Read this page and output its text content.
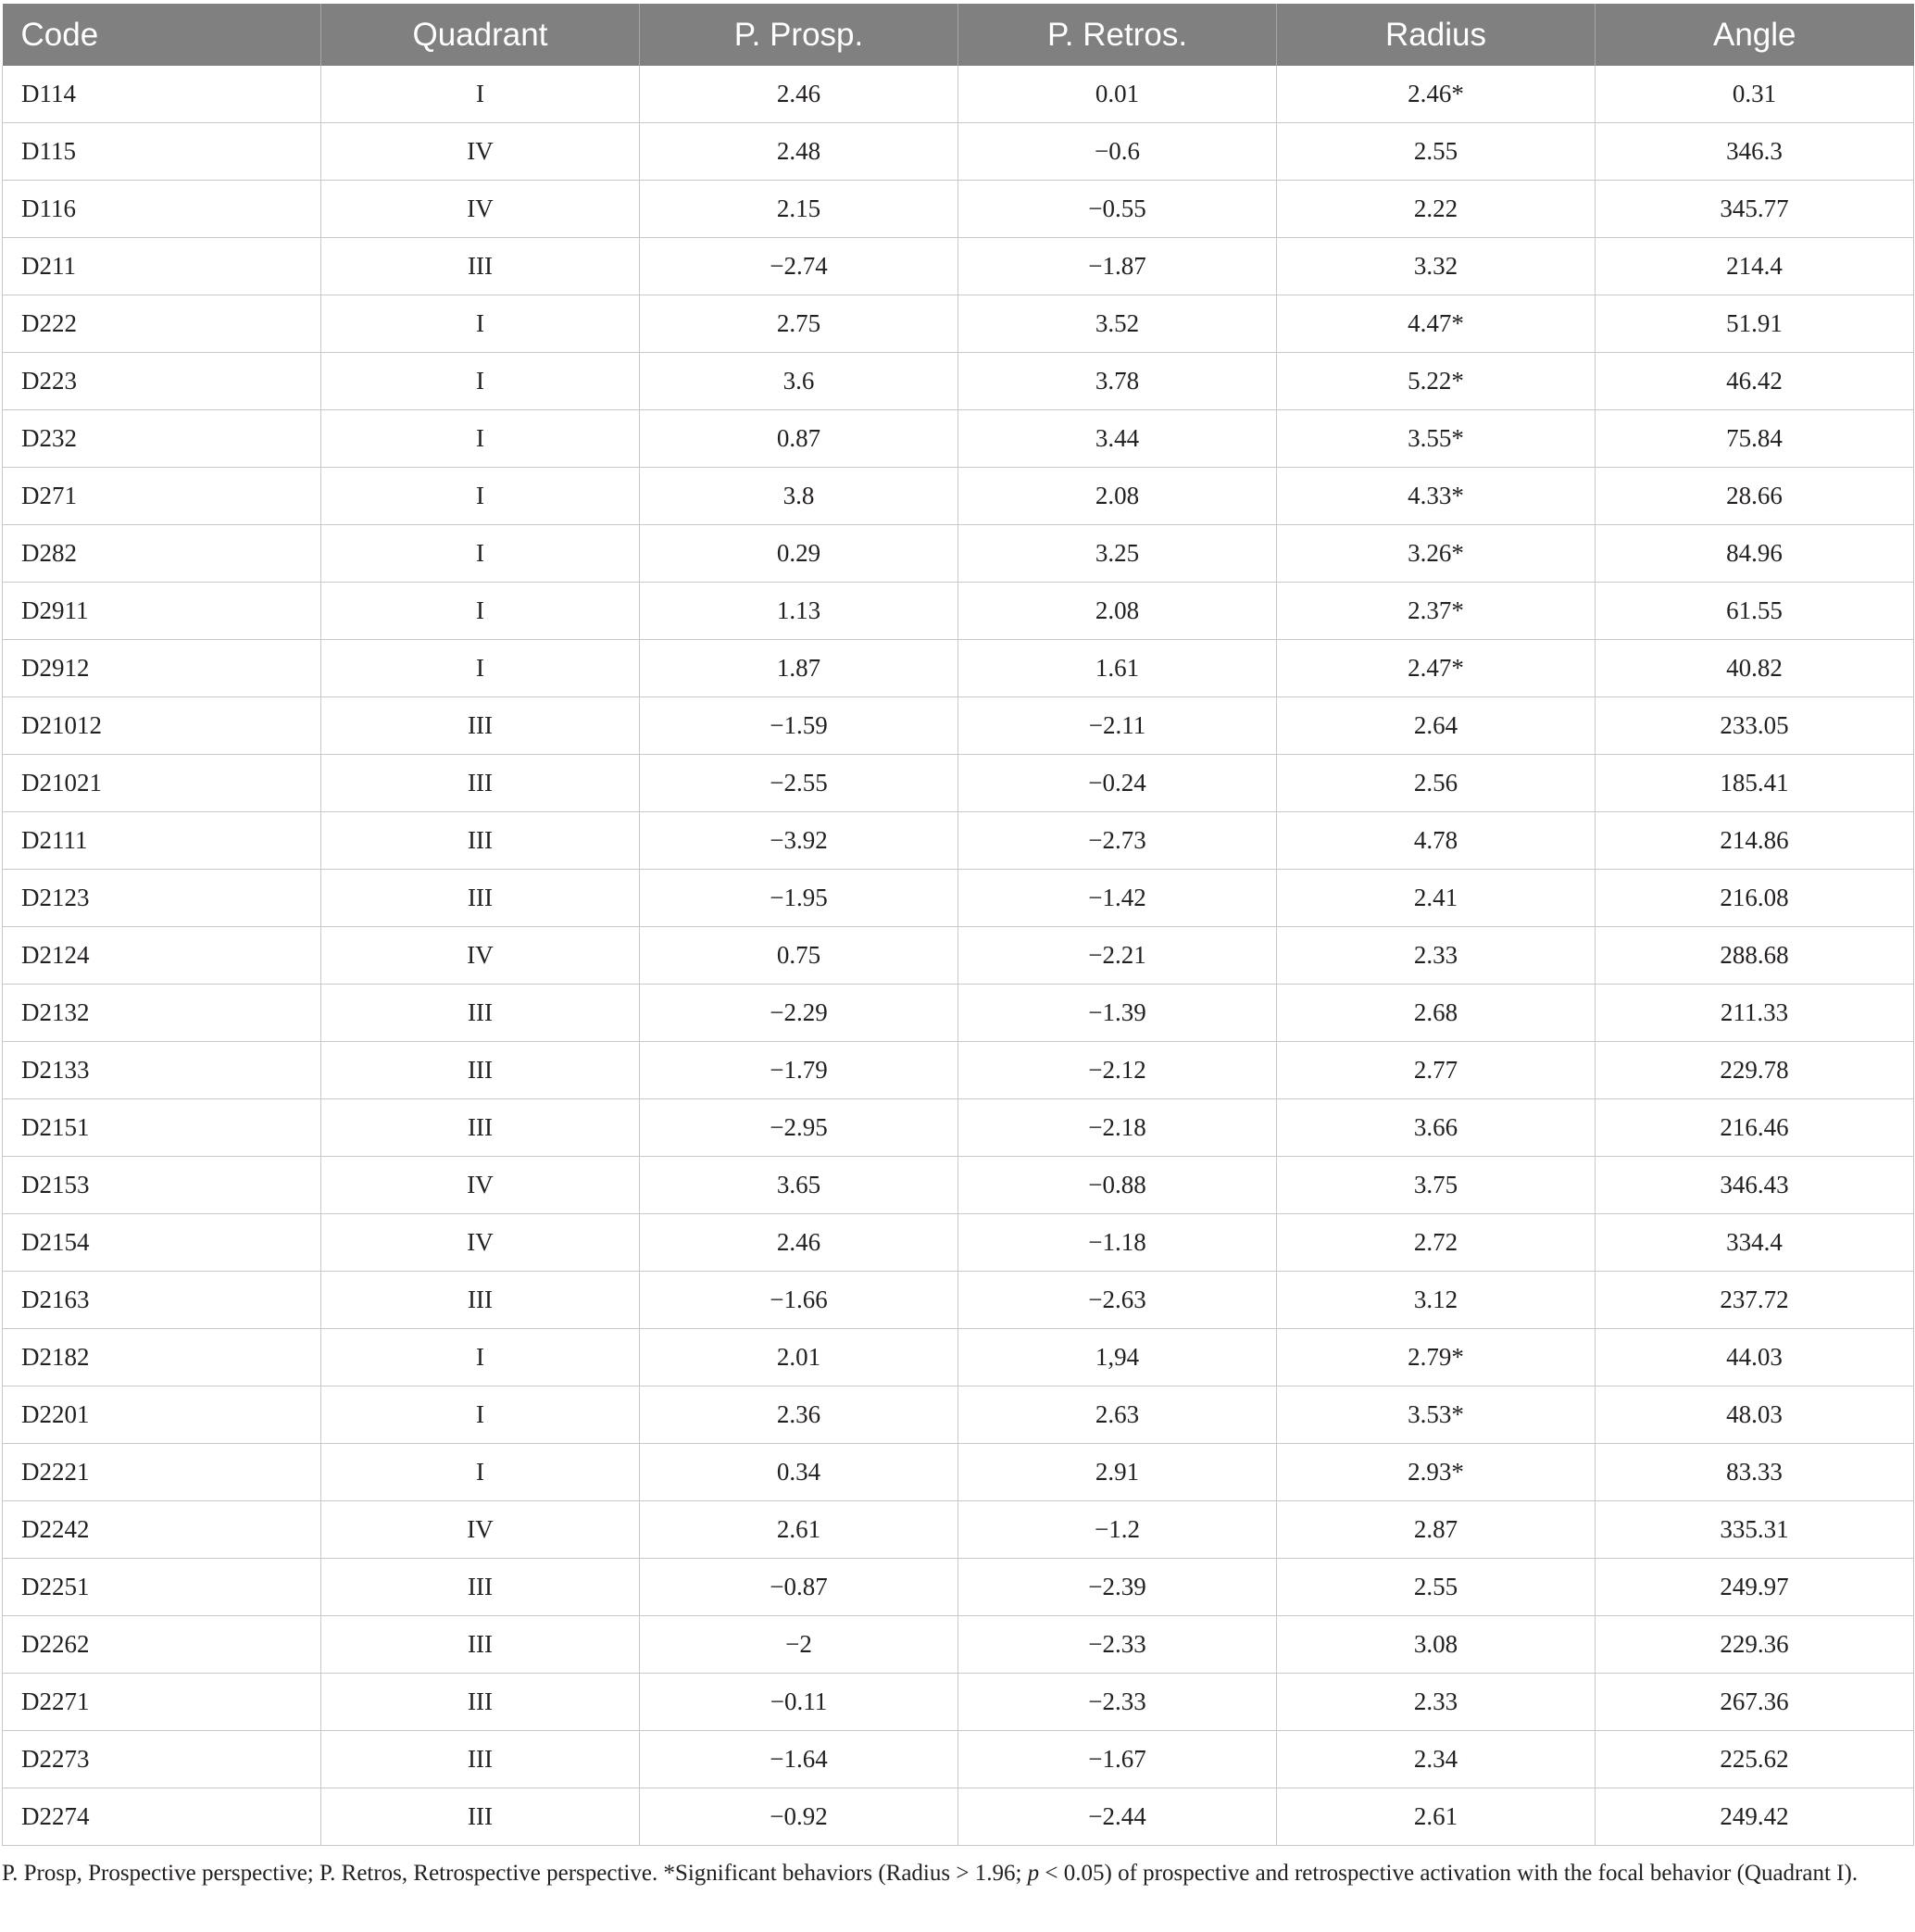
Code	Quadrant	P. Prosp.	P. Retros.	Radius	Angle
D114	I	2.46	0.01	2.46*	0.31
D115	IV	2.48	−0.6	2.55	346.3
D116	IV	2.15	−0.55	2.22	345.77
D211	III	−2.74	−1.87	3.32	214.4
D222	I	2.75	3.52	4.47*	51.91
D223	I	3.6	3.78	5.22*	46.42
D232	I	0.87	3.44	3.55*	75.84
D271	I	3.8	2.08	4.33*	28.66
D282	I	0.29	3.25	3.26*	84.96
D2911	I	1.13	2.08	2.37*	61.55
D2912	I	1.87	1.61	2.47*	40.82
D21012	III	−1.59	−2.11	2.64	233.05
D21021	III	−2.55	−0.24	2.56	185.41
D2111	III	−3.92	−2.73	4.78	214.86
D2123	III	−1.95	−1.42	2.41	216.08
D2124	IV	0.75	−2.21	2.33	288.68
D2132	III	−2.29	−1.39	2.68	211.33
D2133	III	−1.79	−2.12	2.77	229.78
D2151	III	−2.95	−2.18	3.66	216.46
D2153	IV	3.65	−0.88	3.75	346.43
D2154	IV	2.46	−1.18	2.72	334.4
D2163	III	−1.66	−2.63	3.12	237.72
D2182	I	2.01	1,94	2.79*	44.03
D2201	I	2.36	2.63	3.53*	48.03
D2221	I	0.34	2.91	2.93*	83.33
D2242	IV	2.61	−1.2	2.87	335.31
D2251	III	−0.87	−2.39	2.55	249.97
D2262	III	−2	−2.33	3.08	229.36
D2271	III	−0.11	−2.33	2.33	267.36
D2273	III	−1.64	−1.67	2.34	225.62
D2274	III	−0.92	−2.44	2.61	249.42
P. Prosp, Prospective perspective; P. Retros, Retrospective perspective. *Significant behaviors (Radius > 1.96; p < 0.05) of prospective and retrospective activation with the focal behavior (Quadrant I).
